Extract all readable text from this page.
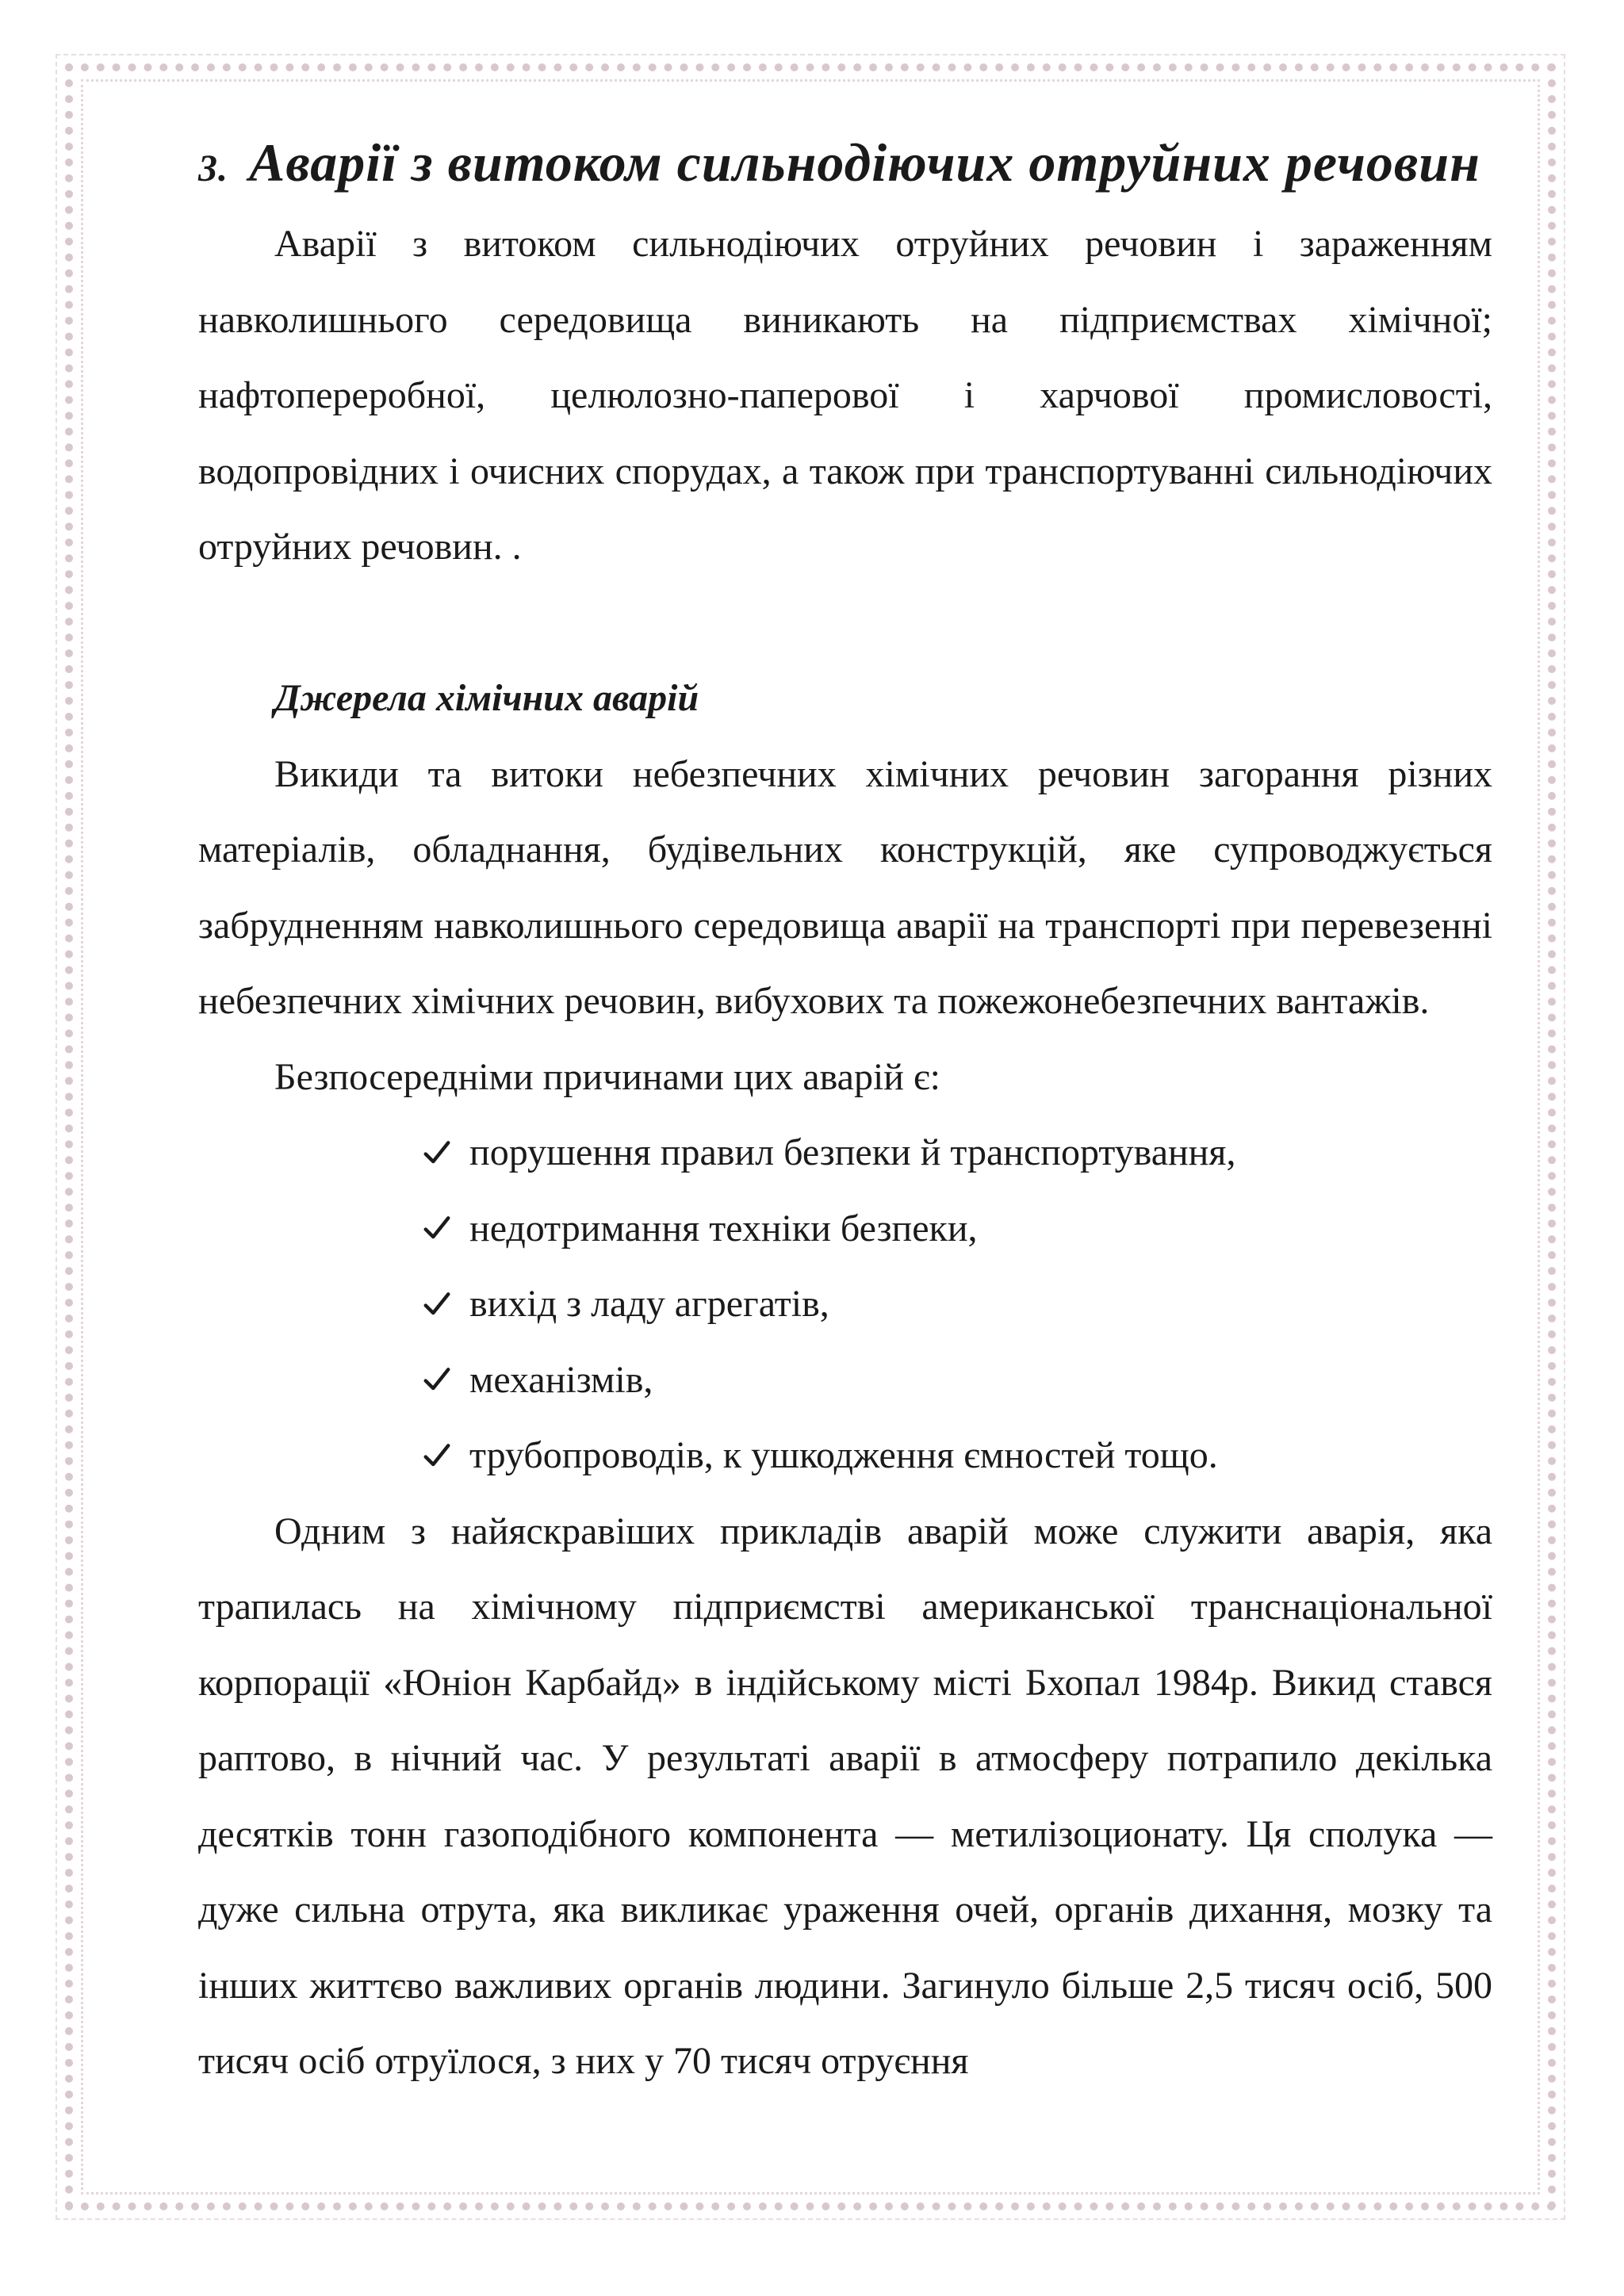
3. Аварії з витоком сильнодіючих отруйних речовин

Аварії з витоком сильнодіючих отруйних речовин і зараженням навколишнього середовища виникають на підприємствах хімічної; нафтопереробної, целюлозно-паперової і харчової промисловості, водопровідних і очисних спорудах, а також при транспортуванні сильнодіючих отруйних речовин. .

Джерела хімічних аварій

Викиди та витоки небезпечних хімічних речовин загорання різних матеріалів, обладнання, будівельних конструкцій, яке супроводжується забрудненням навколишнього середовища аварії на транспорті при перевезенні небезпечних хімічних речовин, вибухових та пожежонебезпечних вантажів.

Безпосередніми причинами цих аварій є:

порушення правил безпеки й транспортування,
недотримання техніки безпеки,
вихід з ладу агрегатів,
механізмів,
трубопроводів, к ушкодження ємностей тощо.

Одним з найяскравіших прикладів аварій може служити аварія, яка трапилась на хімічному підприємстві американської транснаціональної корпорації «Юніон Карбайд» в індійському місті Бхопал 1984р. Викид стався раптово, в нічний час. У результаті аварії в атмосферу потрапило декілька десятків тонн газоподібного компонента — метилізоционату. Ця сполука — дуже сильна отрута, яка викликає ураження очей, органів дихання, мозку та інших життєво важливих органів людини. Загинуло більше 2,5 тисяч осіб, 500 тисяч осіб отруїлося, з них у 70 тисяч отруєння
